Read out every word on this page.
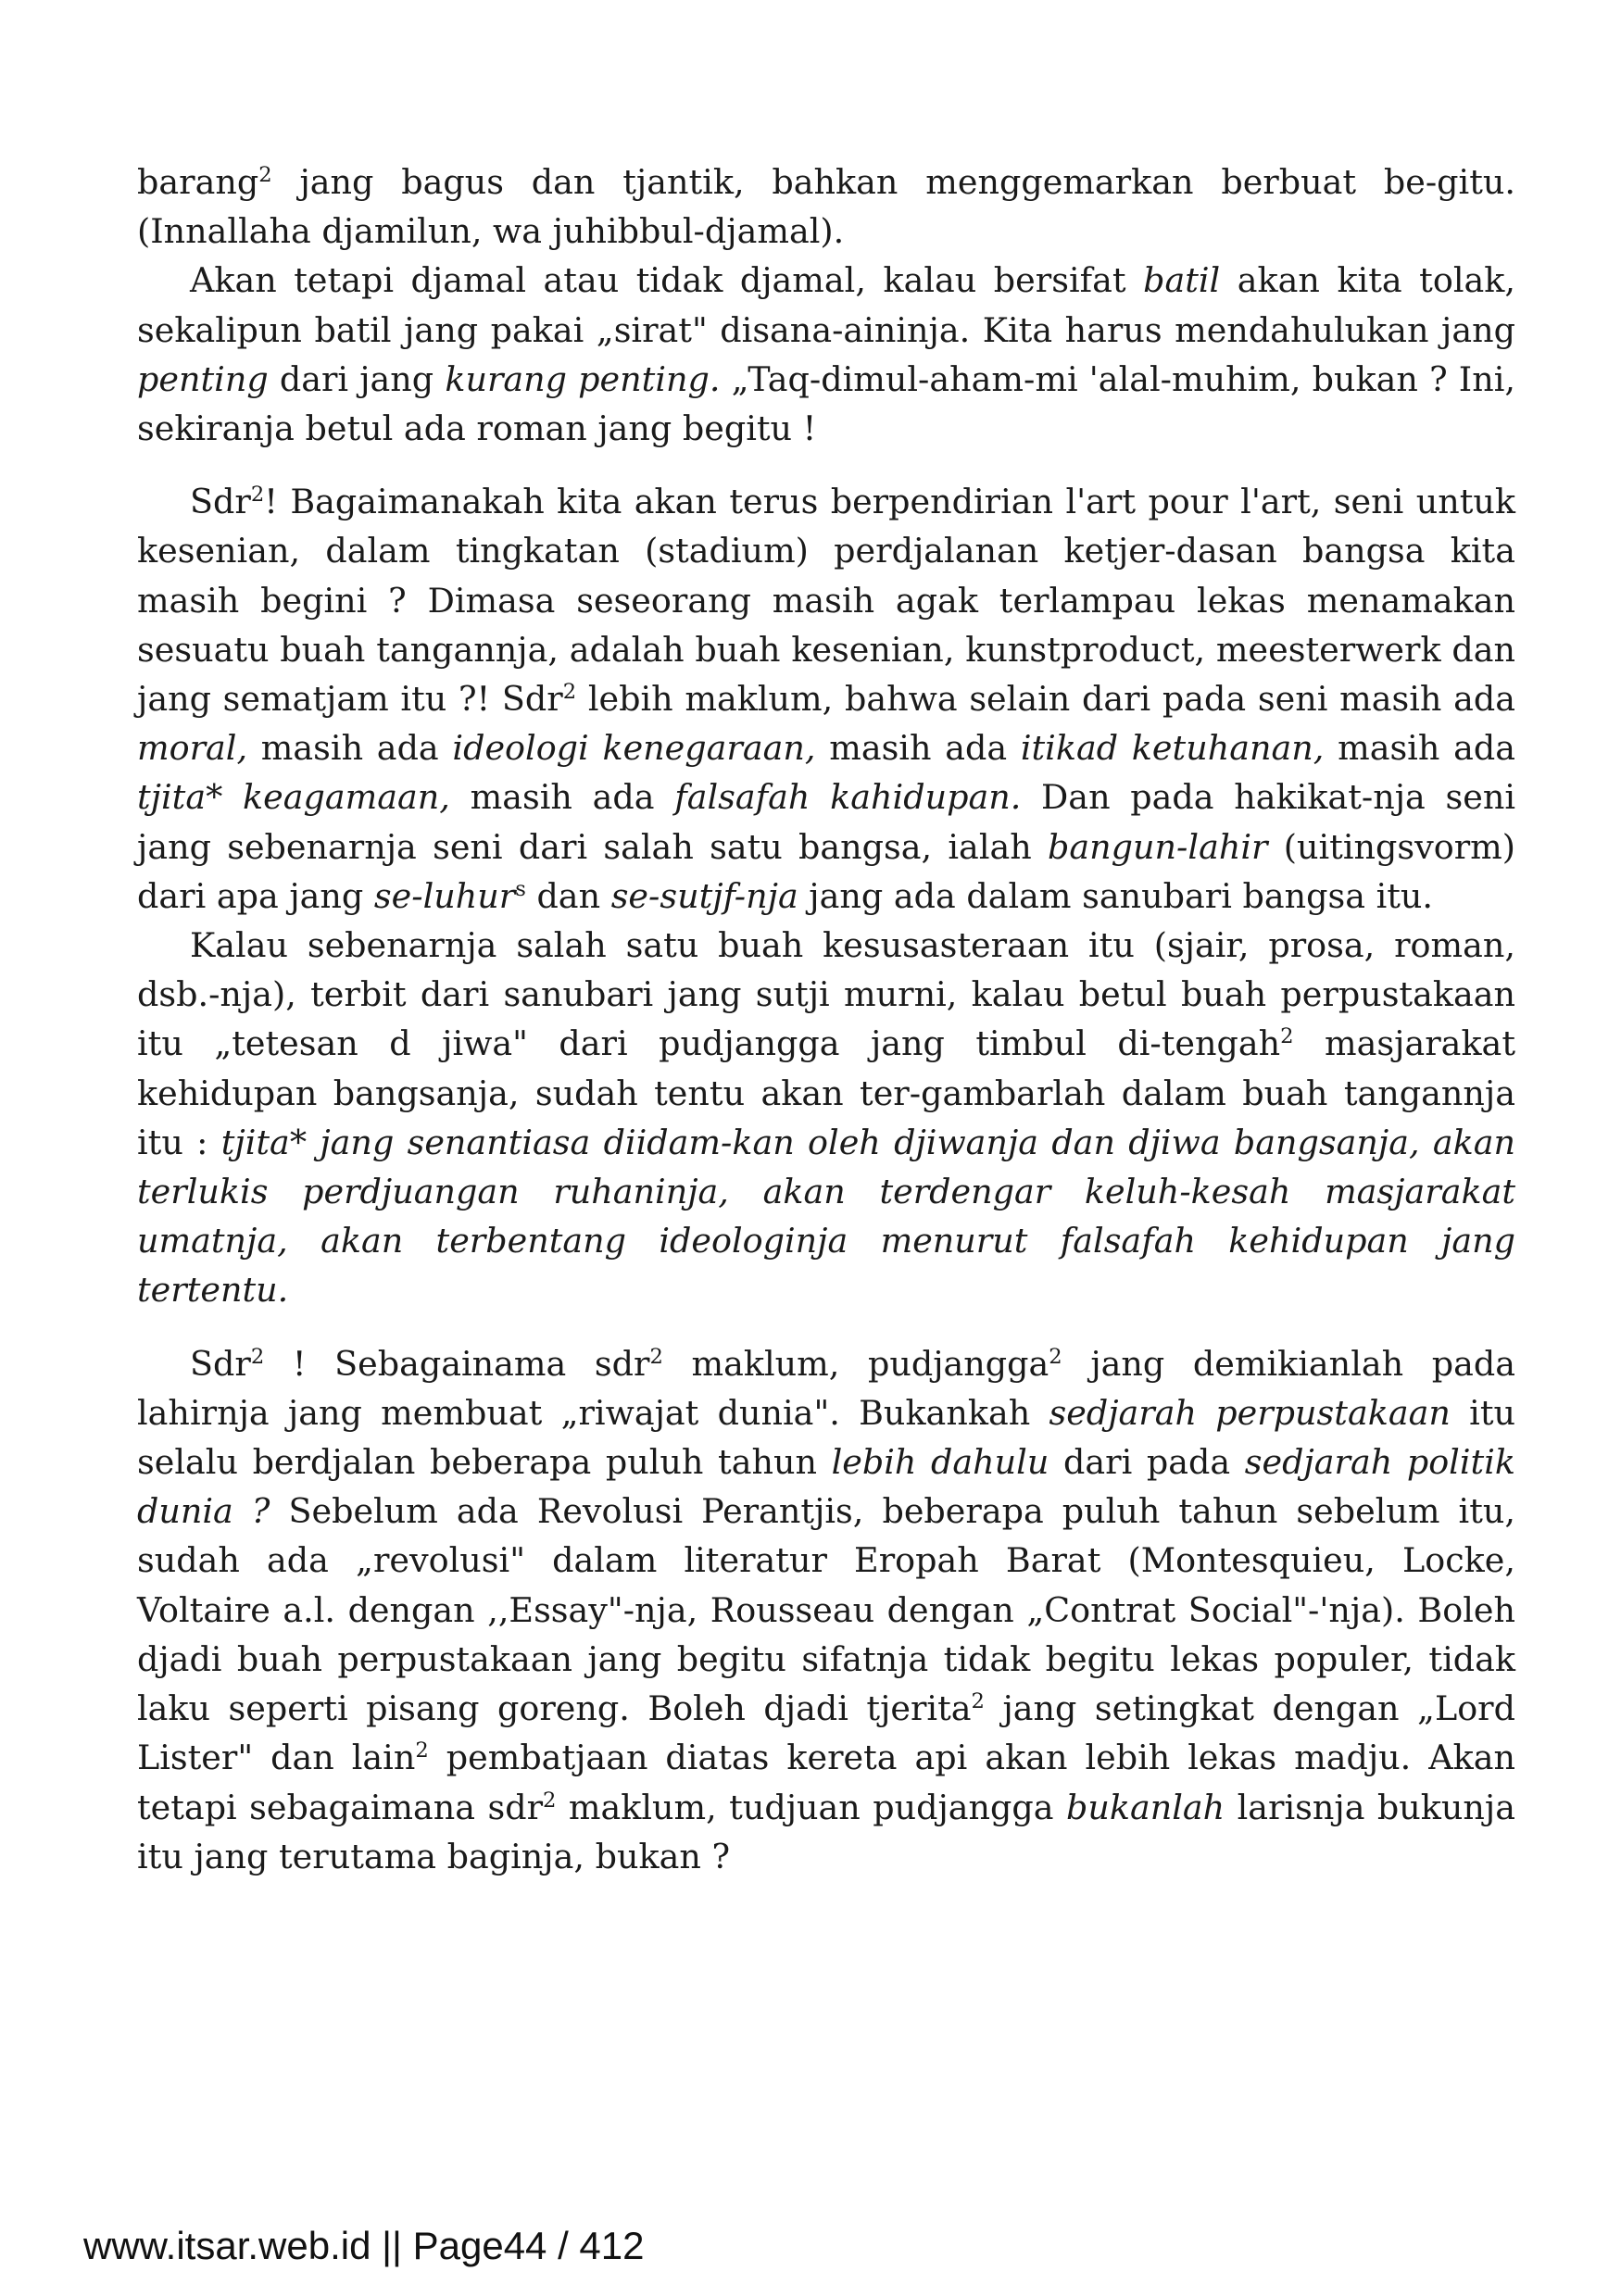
barang$^2$ jang bagus dan tjantik, bahkan menggemarkan berbuat be-gitu. (Innallaha djamilun, wa juhibbul-djamal).

Akan tetapi djamal atau tidak djamal, kalau bersifat batil akan kita tolak, sekalipun batil jang pakai „sirat" disana-aininja. Kita harus mendahulukan jang penting dari jang kurang penting. „Taq-dimul-aham-mi 'alal-muhim, bukan ? Ini, sekiranja betul ada roman jang begitu !

Sdr$^2$! Bagaimanakah kita akan terus berpendirian l'art pour l'art, seni untuk kesenian, dalam tingkatan (stadium) perdjalanan ketjer-dasan bangsa kita masih begini ? Dimasa seseorang masih agak terlampau lekas menamakan sesuatu buah tangannja, adalah buah kesenian, kunstproduct, meesterwerk dan jang sematjam itu ?! Sdr$^2$ lebih maklum, bahwa selain dari pada seni masih ada moral, masih ada ideologi kenegaraan, masih ada itikad ketuhanan, masih ada tjita* keagamaan, masih ada falsafah kahidupan. Dan pada hakikat-nja seni jang sebenarnja seni dari salah satu bangsa, ialah bangun-lahir (uitingsvorm) dari apa jang se-luhur$^s$ dan se-sutjf-nja jang ada dalam sanubari bangsa itu.

Kalau sebenarnja salah satu buah kesusasteraan itu (sjair, prosa, roman, dsb.-nja), terbit dari sanubari jang sutji murni, kalau betul buah perpustakaan itu „tetesan d jiwa" dari pudjangga jang timbul di-tengah$^2$ masjarakat kehidupan bangsanja, sudah tentu akan ter-gambarlah dalam buah tangannja itu : tjita* jang senantiasa diidam-kan oleh djiwanja dan djiwa bangsanja, akan terlukis perdjuangan ruhaninja, akan terdengar keluh-kesah masjarakat umatnja, akan terbentang ideologinja menurut falsafah kehidupan jang tertentu.

Sdr$^2$ ! Sebagainama sdr$^2$ maklum, pudjangga$^2$ jang demikianlah pada lahirnja jang membuat „riwajat dunia". Bukankah sedjarah perpustakaan itu selalu berdjalan beberapa puluh tahun lebih dahulu dari pada sedjarah politik dunia ? Sebelum ada Revolusi Perantjis, beberapa puluh tahun sebelum itu, sudah ada „revolusi" dalam literatur Eropah Barat (Montesquieu, Locke, Voltaire a.l. dengan ,,Essay"-nja, Rousseau dengan „Contrat Social"-'nja). Boleh djadi buah perpustakaan jang begitu sifatnja tidak begitu lekas populer, tidak laku seperti pisang goreng. Boleh djadi tjerita$^2$ jang setingkat dengan „Lord Lister" dan lain$^2$ pembatjaan diatas kereta api akan lebih lekas madju. Akan tetapi sebagaimana sdr$^2$ maklum, tudjuan pudjangga bukanlah larisnja bukunja itu jang terutama baginja, bukan ?

www.itsar.web.id || Page44 / 412
